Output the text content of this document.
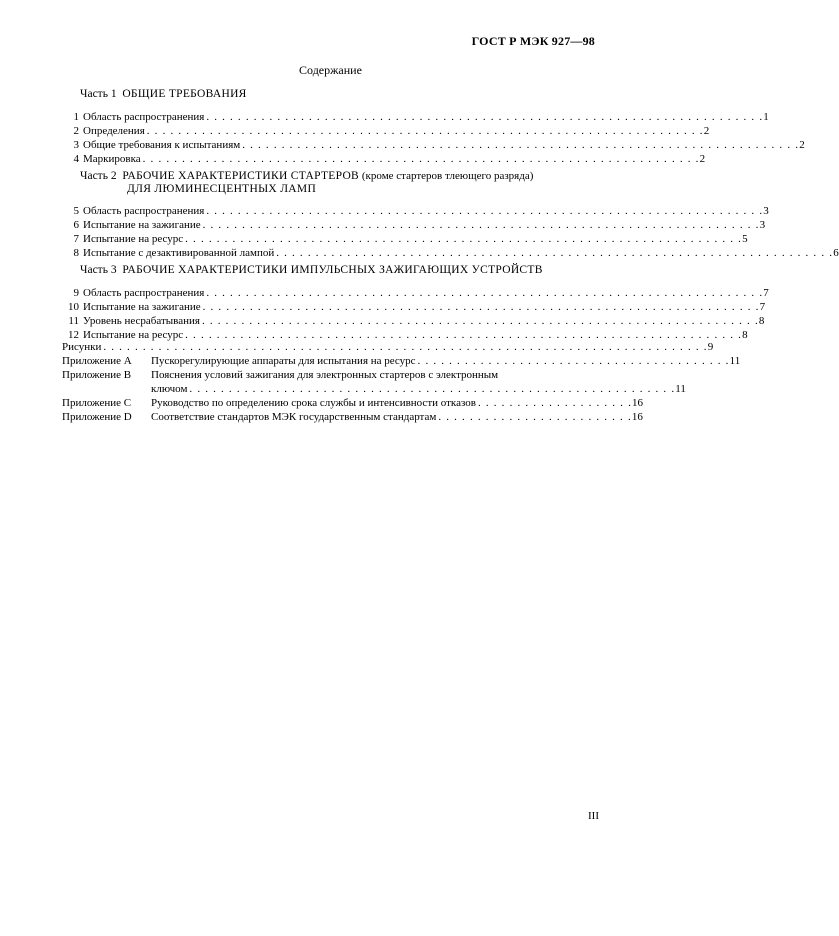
ГОСТ Р МЭК 927—98
Содержание
Часть 1 ОБЩИЕ ТРЕБОВАНИЯ
1 Область распространения . . . . . . . . . . . . . . . . . . . . . . . . . . . . . . . . . . . . . . . . . . . . . . . . . . . . . . . . . . . . . . . . . . . . . . . 1
2 Определения . . . . . . . . . . . . . . . . . . . . . . . . . . . . . . . . . . . . . . . . . . . . . . . . . . . . . . . . . . . . . . . . . . . . . . . 2
3 Общие требования к испытаниям . . . . . . . . . . . . . . . . . . . . . . . . . . . . . . . . . . . . . . . . . . . . . . . . . . . . . . . . . . . . . . . . . . . . . . . 2
4 Маркировка . . . . . . . . . . . . . . . . . . . . . . . . . . . . . . . . . . . . . . . . . . . . . . . . . . . . . . . . . . . . . . . . . . . . . . . 2
Часть 2 РАБОЧИЕ ХАРАКТЕРИСТИКИ СТАРТЕРОВ (кроме стартеров тлеющего разряда)
ДЛЯ ЛЮМИНЕСЦЕНТНЫХ ЛАМП
5 Область распространения . . . . . . . . . . . . . . . . . . . . . . . . . . . . . . . . . . . . . . . . . . . . . . . . . . . . . . . . . . . . . . . . . . . . . . . 3
6 Испытание на зажигание . . . . . . . . . . . . . . . . . . . . . . . . . . . . . . . . . . . . . . . . . . . . . . . . . . . . . . . . . . . . . . . . . . . . . . . 3
7 Испытание на ресурс . . . . . . . . . . . . . . . . . . . . . . . . . . . . . . . . . . . . . . . . . . . . . . . . . . . . . . . . . . . . . . . . . . . . . . . 5
8 Испытание с дезактивированной лампой . . . . . . . . . . . . . . . . . . . . . . . . . . . . . . . . . . . . . . . . . . . . . . . . . . . . . . . . . . . . . . . . . . . . . . . 6
Часть 3 РАБОЧИЕ ХАРАКТЕРИСТИКИ ИМПУЛЬСНЫХ ЗАЖИГАЮЩИХ УСТРОЙСТВ
9 Область распространения . . . . . . . . . . . . . . . . . . . . . . . . . . . . . . . . . . . . . . . . . . . . . . . . . . . . . . . . . . . . . . . . . . . . . . . 7
10 Испытание на зажигание . . . . . . . . . . . . . . . . . . . . . . . . . . . . . . . . . . . . . . . . . . . . . . . . . . . . . . . . . . . . . . . . . . . . . . . 7
11 Уровень несрабатывания . . . . . . . . . . . . . . . . . . . . . . . . . . . . . . . . . . . . . . . . . . . . . . . . . . . . . . . . . . . . . . . . . . . . . . . 8
12 Испытание на ресурс . . . . . . . . . . . . . . . . . . . . . . . . . . . . . . . . . . . . . . . . . . . . . . . . . . . . . . . . . . . . . . . . . . . . . . . 8
Рисунки . . . . . . . . . . . . . . . . . . . . . . . . . . . . . . . . . . . . . . . . . . . . . . . . . . . . . . . . . . . . . . . . . . . . . . . . . . . . . 9
Приложение A Пускорегулирующие аппараты для испытания на ресурс . . . . . . . . . . . . . . . . . . . . . . . . . . . . . . . . . . . . . . . . 11
Приложение B Пояснения условий зажигания для электронных стартеров с электронным
ключом . . . . . . . . . . . . . . . . . . . . . . . . . . . . . . . . . . . . . . . . . . . . . . . . . . . . . . . . . . . . . . 11
Приложение C Руководство по определению срока службы и интенсивности отказов . . . . . . . . . . . . . . . . . . . . 16
Приложение D Соответствие стандартов МЭК государственным стандартам . . . . . . . . . . . . . . . . . . . . . . . . . 16
III
